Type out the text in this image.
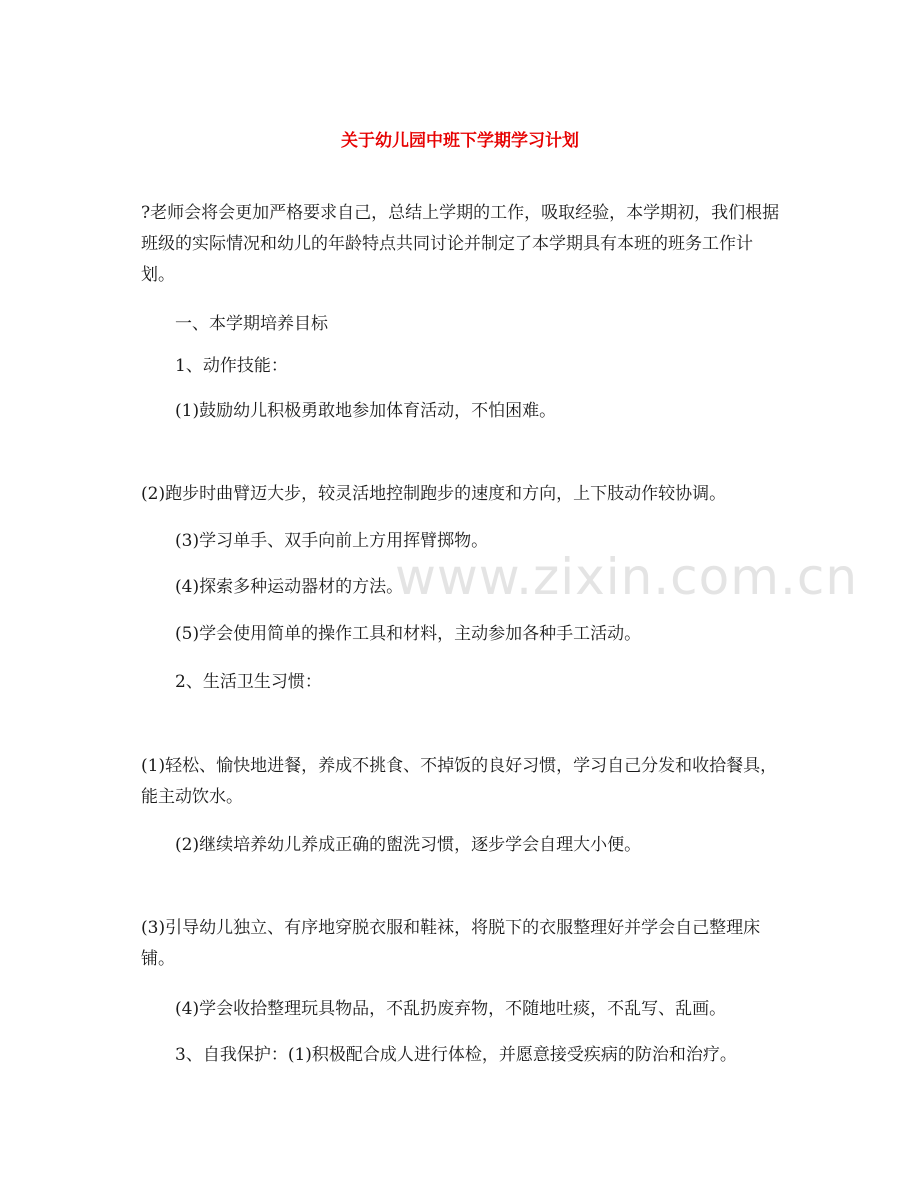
关于幼儿园中班下学期学习计划
www.zixin.com.cn

?老师会将会更加严格要求自己，总结上学期的工作，吸取经验，本学期初，我们根据班级的实际情况和幼儿的年龄特点共同讨论并制定了本学期具有本班的班务工作计划。

一、本学期培养目标

1、动作技能：

(1)鼓励幼儿积极勇敢地参加体育活动，不怕困难。

(2)跑步时曲臂迈大步，较灵活地控制跑步的速度和方向，上下肢动作较协调。

(3)学习单手、双手向前上方用挥臂掷物。

(4)探索多种运动器材的方法。

(5)学会使用简单的操作工具和材料，主动参加各种手工活动。

2、生活卫生习惯：

(1)轻松、愉快地进餐，养成不挑食、不掉饭的良好习惯，学习自己分发和收拾餐具，能主动饮水。

(2)继续培养幼儿养成正确的盥洗习惯，逐步学会自理大小便。

(3)引导幼儿独立、有序地穿脱衣服和鞋袜，将脱下的衣服整理好并学会自己整理床铺。

(4)学会收拾整理玩具物品，不乱扔废弃物，不随地吐痰，不乱写、乱画。

3、自我保护：(1)积极配合成人进行体检，并愿意接受疾病的防治和治疗。
